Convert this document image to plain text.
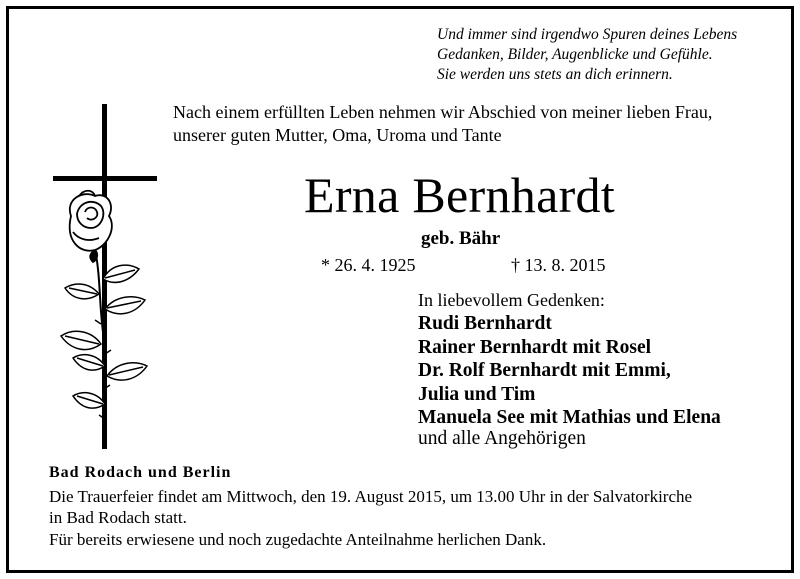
Und immer sind irgendwo Spuren deines Lebens
Gedanken, Bilder, Augenblicke und Gefühle.
Sie werden uns stets an dich erinnern.
Nach einem erfüllten Leben nehmen wir Abschied von meiner lieben Frau,
unserer guten Mutter, Oma, Uroma und Tante
Erna Bernhardt
geb. Bähr
* 26. 4. 1925	† 13. 8. 2015
In liebevollem Gedenken:
Rudi Bernhardt
Rainer Bernhardt mit Rosel
Dr. Rolf Bernhardt mit Emmi,
Julia und Tim
Manuela See mit Mathias und Elena
und alle Angehörigen
Bad Rodach und Berlin
Die Trauerfeier findet am Mittwoch, den 19. August 2015, um 13.00 Uhr in der Salvatorkirche
in Bad Rodach statt.
Für bereits erwiesene und noch zugedachte Anteilnahme herlichen Dank.
